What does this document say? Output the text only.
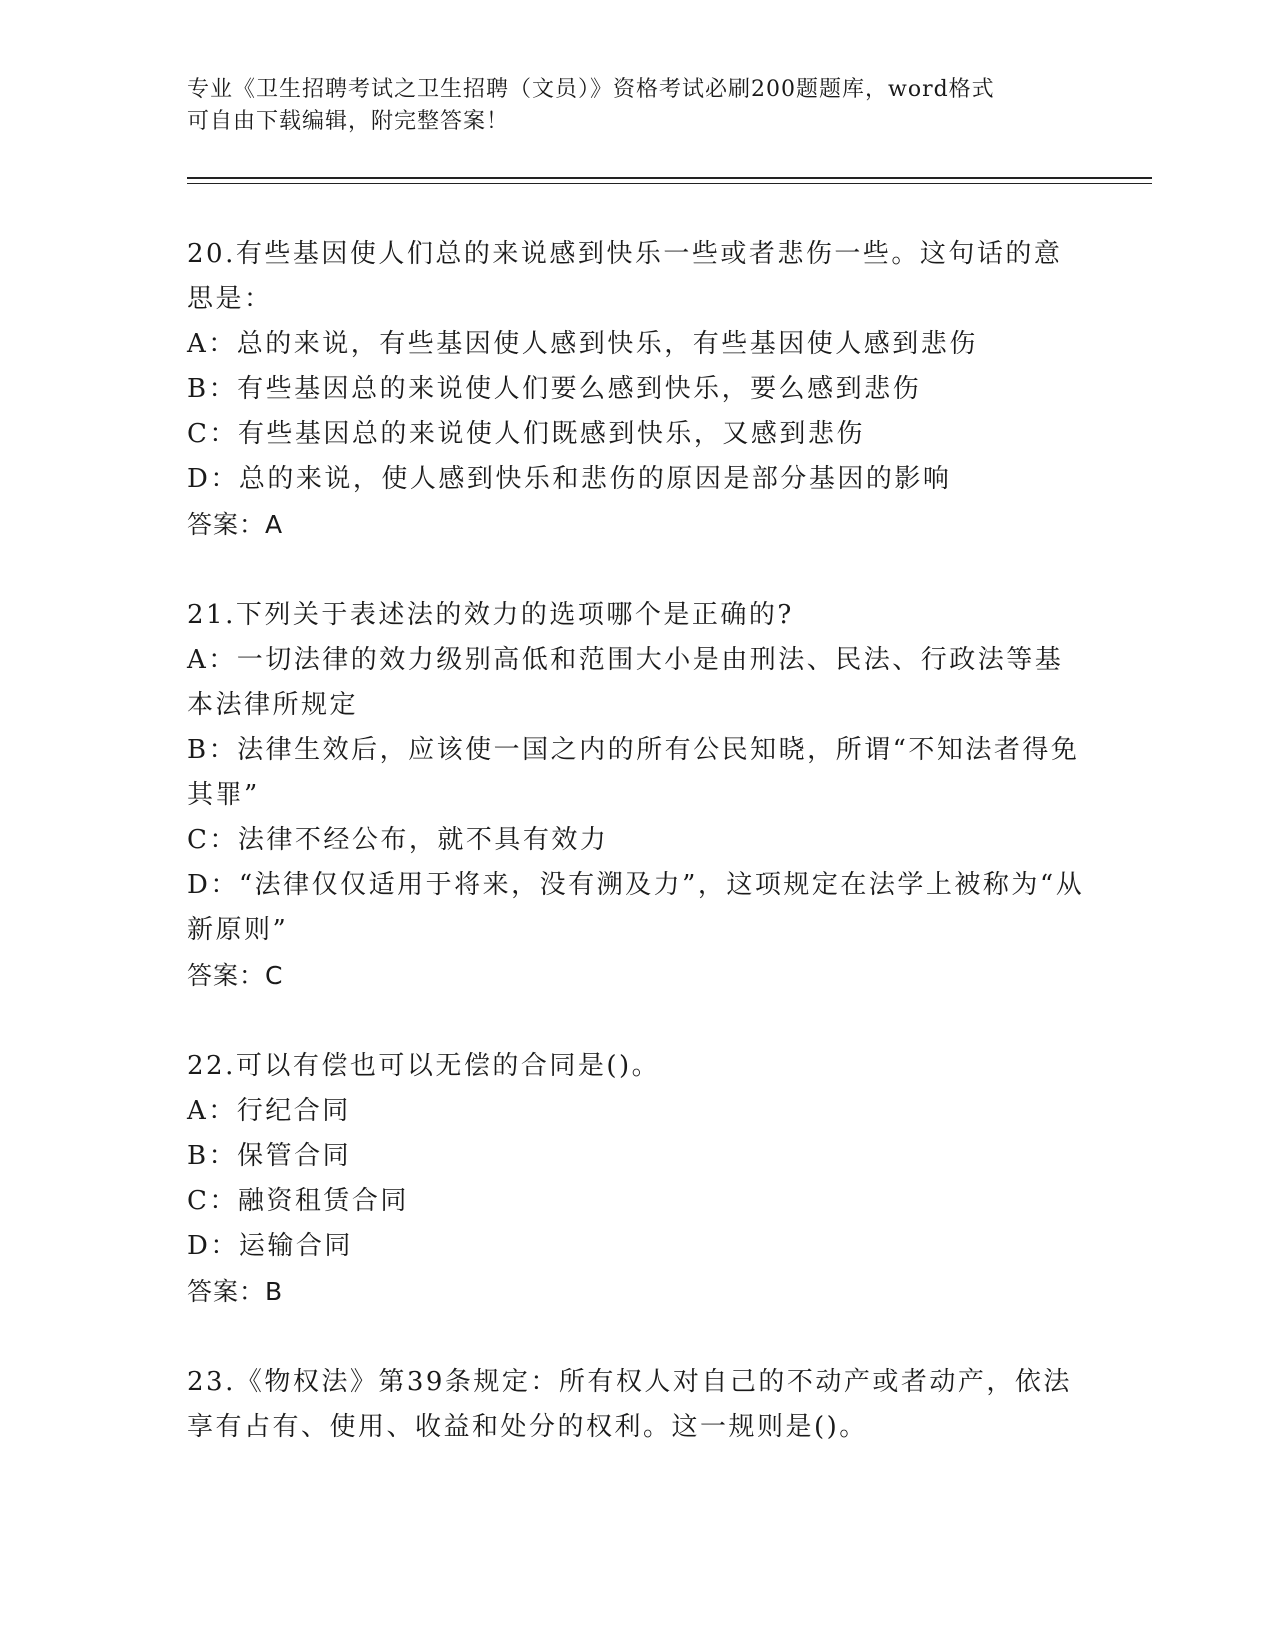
专业《卫生招聘考试之卫生招聘（文员）》资格考试必刷200题题库，word格式
可自由下载编辑，附完整答案！

20.有些基因使人们总的来说感到快乐一些或者悲伤一些。这句话的意思是：

A：总的来说，有些基因使人感到快乐，有些基因使人感到悲伤

B：有些基因总的来说使人们要么感到快乐，要么感到悲伤

C：有些基因总的来说使人们既感到快乐，又感到悲伤

D：总的来说，使人感到快乐和悲伤的原因是部分基因的影响

答案：A

21.下列关于表述法的效力的选项哪个是正确的?

A：一切法律的效力级别高低和范围大小是由刑法、民法、行政法等基本法律所规定

B：法律生效后，应该使一国之内的所有公民知晓，所谓“不知法者得免其罪”

C：法律不经公布，就不具有效力

D：“法律仅仅适用于将来，没有溯及力”，这项规定在法学上被称为“从新原则”

答案：C

22.可以有偿也可以无偿的合同是()。

A：行纪合同

B：保管合同

C：融资租赁合同

D：运输合同

答案：B

23.《物权法》第39条规定：所有权人对自己的不动产或者动产，依法享有占有、使用、收益和处分的权利。这一规则是()。
